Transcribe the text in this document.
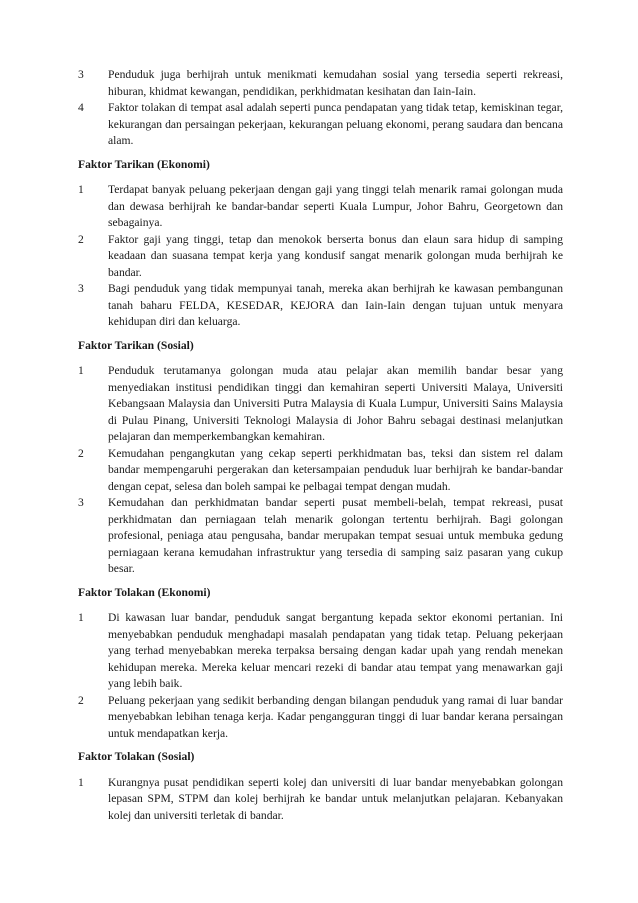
3	Penduduk juga berhijrah untuk menikmati kemudahan sosial yang tersedia seperti rekreasi, hiburan, khidmat kewangan, pendidikan, perkhidmatan kesihatan dan Iain-Iain.
4	Faktor tolakan di tempat asal adalah seperti punca pendapatan yang tidak tetap, kemiskinan tegar, kekurangan dan persaingan pekerjaan, kekurangan peluang ekonomi, perang saudara dan bencana alam.
Faktor Tarikan (Ekonomi)
1	Terdapat banyak peluang pekerjaan dengan gaji yang tinggi telah menarik ramai golongan muda dan dewasa berhijrah ke bandar-bandar seperti Kuala Lumpur, Johor Bahru, Georgetown dan sebagainya.
2	Faktor gaji yang tinggi, tetap dan menokok berserta bonus dan elaun sara hidup di samping keadaan dan suasana tempat kerja yang kondusif sangat menarik golongan muda berhijrah ke bandar.
3	Bagi penduduk yang tidak mempunyai tanah, mereka akan berhijrah ke kawasan pembangunan tanah baharu FELDA, KESEDAR, KEJORA dan Iain-Iain dengan tujuan untuk menyara kehidupan diri dan keluarga.
Faktor Tarikan (Sosial)
1	Penduduk terutamanya golongan muda atau pelajar akan memilih bandar besar yang menyediakan institusi pendidikan tinggi dan kemahiran seperti Universiti Malaya, Universiti Kebangsaan Malaysia dan Universiti Putra Malaysia di Kuala Lumpur, Universiti Sains Malaysia di Pulau Pinang, Universiti Teknologi Malaysia di Johor Bahru sebagai destinasi melanjutkan pelajaran dan memperkembangkan kemahiran.
2	Kemudahan pengangkutan yang cekap seperti perkhidmatan bas, teksi dan sistem rel dalam bandar mempengaruhi pergerakan dan ketersampaian penduduk luar berhijrah ke bandar-bandar dengan cepat, selesa dan boleh sampai ke pelbagai tempat dengan mudah.
3	Kemudahan dan perkhidmatan bandar seperti pusat membeli-belah, tempat rekreasi, pusat perkhidmatan dan perniagaan telah menarik golongan tertentu berhijrah. Bagi golongan profesional, peniaga atau pengusaha, bandar merupakan tempat sesuai untuk membuka gedung perniagaan kerana kemudahan infrastruktur yang tersedia di samping saiz pasaran yang cukup besar.
Faktor Tolakan (Ekonomi)
1	Di kawasan luar bandar, penduduk sangat bergantung kepada sektor ekonomi pertanian. Ini menyebabkan penduduk menghadapi masalah pendapatan yang tidak tetap. Peluang pekerjaan yang terhad menyebabkan mereka terpaksa bersaing dengan kadar upah yang rendah menekan kehidupan mereka. Mereka keluar mencari rezeki di bandar atau tempat yang menawarkan gaji yang lebih baik.
2	Peluang pekerjaan yang sedikit berbanding dengan bilangan penduduk yang ramai di luar bandar menyebabkan lebihan tenaga kerja. Kadar pengangguran tinggi di luar bandar kerana persaingan untuk mendapatkan kerja.
Faktor Tolakan (Sosial)
1	Kurangnya pusat pendidikan seperti kolej dan universiti di luar bandar menyebabkan golongan lepasan SPM, STPM dan kolej berhijrah ke bandar untuk melanjutkan pelajaran. Kebanyakan kolej dan universiti terletak di bandar.
